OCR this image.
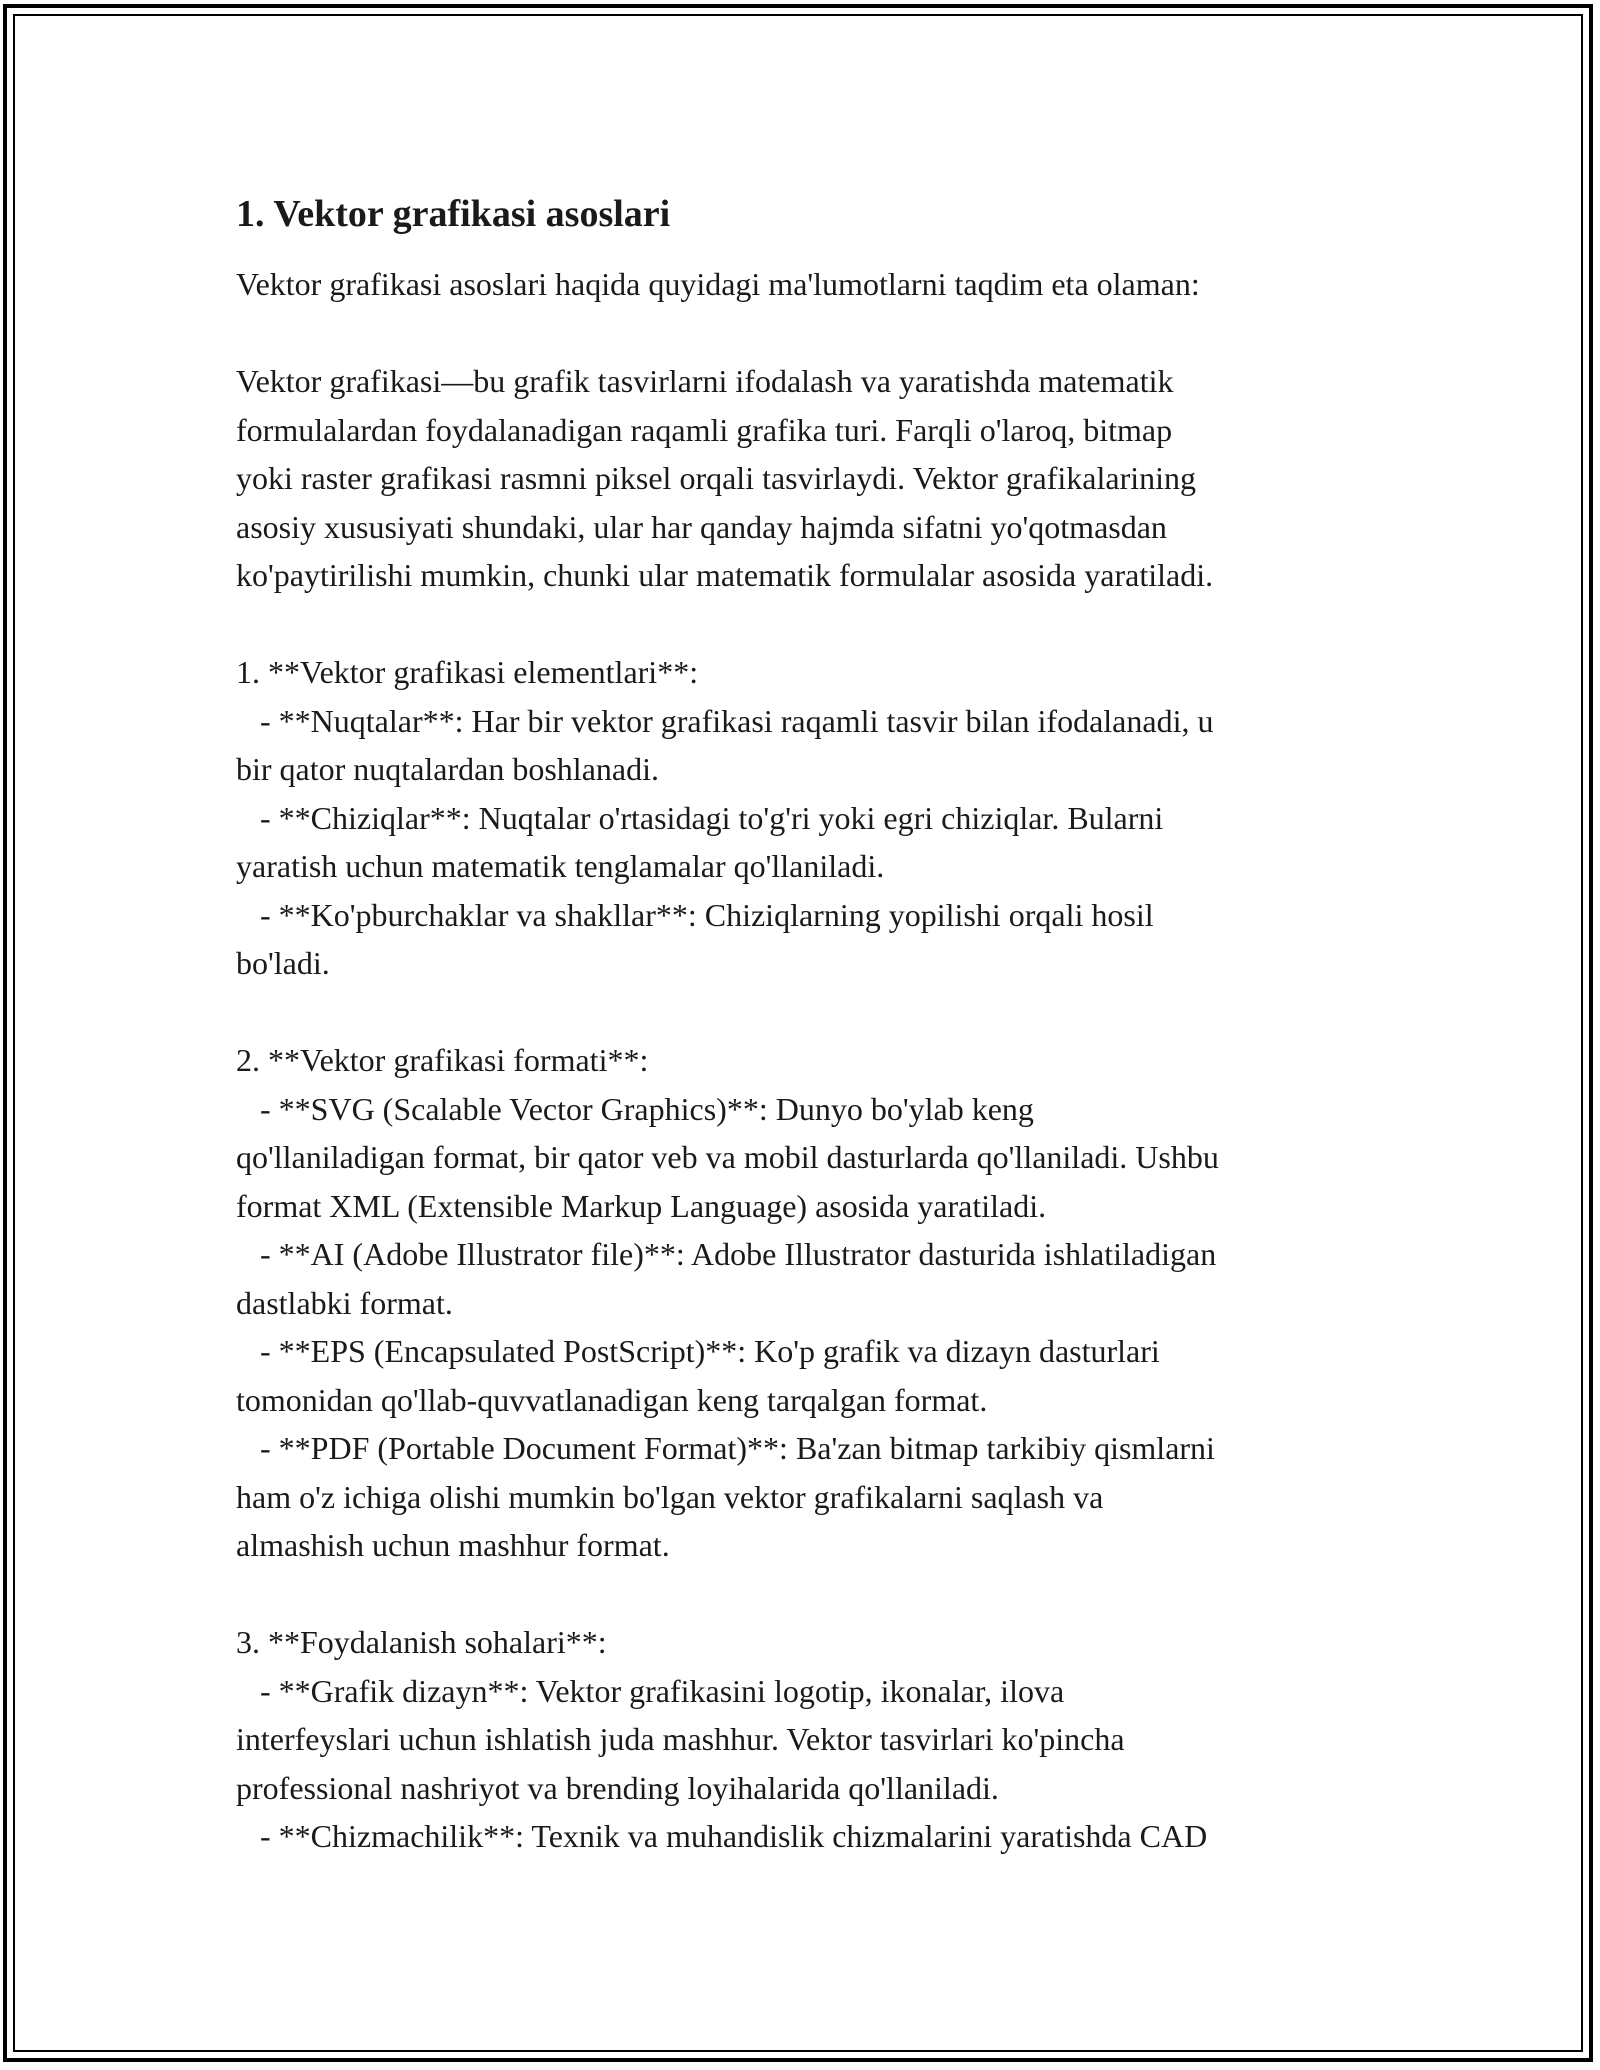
1. Vektor grafikasi asoslari

Vektor grafikasi asoslari haqida quyidagi ma'lumotlarni taqdim eta olaman:

Vektor grafikasi—bu grafik tasvirlarni ifodalash va yaratishda matematik
formulalardan foydalanadigan raqamli grafika turi. Farqli o'laroq, bitmap
yoki raster grafikasi rasmni piksel orqali tasvirlaydi. Vektor grafikalarining
asosiy xususiyati shundaki, ular har qanday hajmda sifatni yo'qotmasdan
ko'paytirilishi mumkin, chunki ular matematik formulalar asosida yaratiladi.

1. **Vektor grafikasi elementlari**:
- **Nuqtalar**: Har bir vektor grafikasi raqamli tasvir bilan ifodalanadi, u
bir qator nuqtalardan boshlanadi.
- **Chiziqlar**: Nuqtalar o'rtasidagi to'g'ri yoki egri chiziqlar. Bularni
yaratish uchun matematik tenglamalar qo'llaniladi.
- **Ko'pburchaklar va shakllar**: Chiziqlarning yopilishi orqali hosil
bo'ladi.

2. **Vektor grafikasi formati**:
- **SVG (Scalable Vector Graphics)**: Dunyo bo'ylab keng
qo'llaniladigan format, bir qator veb va mobil dasturlarda qo'llaniladi. Ushbu
format XML (Extensible Markup Language) asosida yaratiladi.
- **AI (Adobe Illustrator file)**: Adobe Illustrator dasturida ishlatiladigan
dastlabki format.
- **EPS (Encapsulated PostScript)**: Ko'p grafik va dizayn dasturlari
tomonidan qo'llab-quvvatlanadigan keng tarqalgan format.
- **PDF (Portable Document Format)**: Ba'zan bitmap tarkibiy qismlarni
ham o'z ichiga olishi mumkin bo'lgan vektor grafikalarni saqlash va
almashish uchun mashhur format.

3. **Foydalanish sohalari**:
- **Grafik dizayn**: Vektor grafikasini logotip, ikonalar, ilova
interfeyslari uchun ishlatish juda mashhur. Vektor tasvirlari ko'pincha
professional nashriyot va brending loyihalarida qo'llaniladi.
- **Chizmachilik**: Texnik va muhandislik chizmalarini yaratishda CAD
